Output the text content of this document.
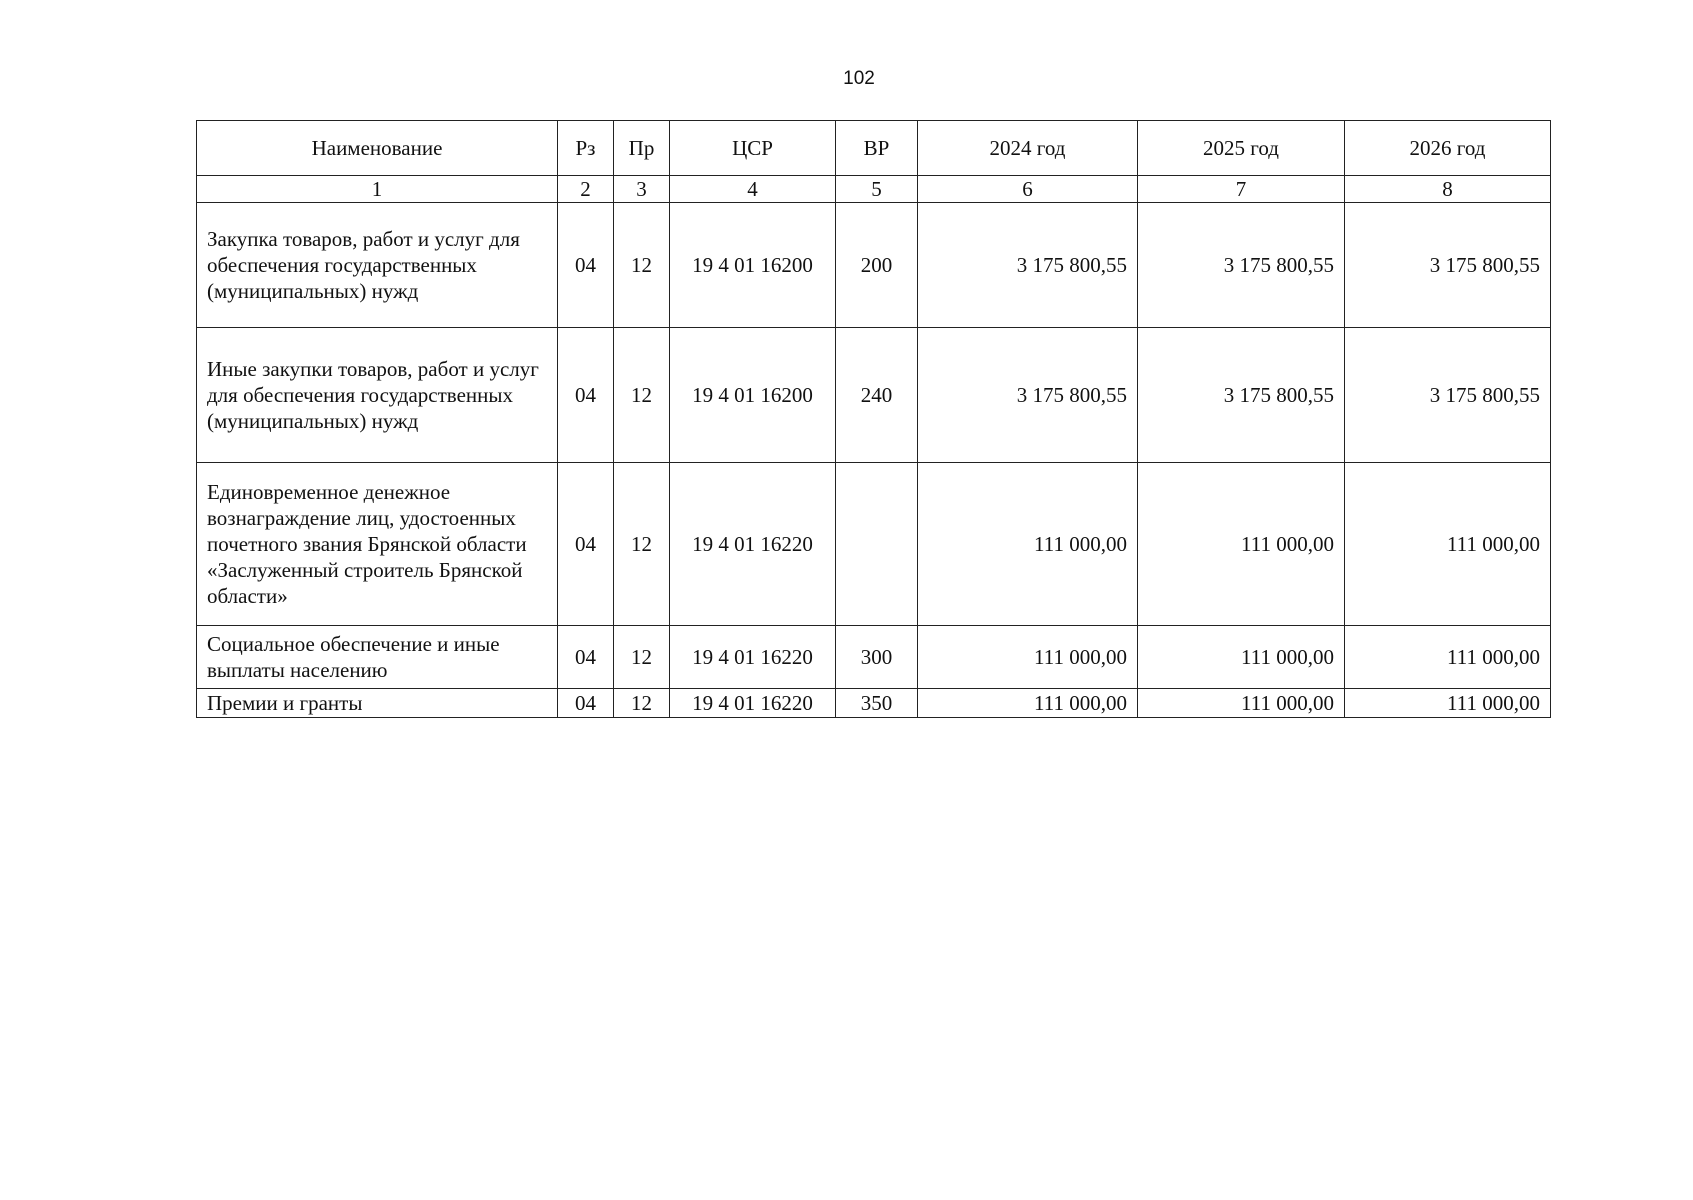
102
Наименование	Рз	Пр	ЦСР	ВР	2024 год	2025 год	2026 год
1	2	3	4	5	6	7	8
Закупка товаров, работ и услуг для обеспечения государственных (муниципальных) нужд	04	12	19 4 01 16200	200	3 175 800,55	3 175 800,55	3 175 800,55
Иные закупки товаров, работ и услуг для обеспечения государственных (муниципальных) нужд	04	12	19 4 01 16200	240	3 175 800,55	3 175 800,55	3 175 800,55
Единовременное денежное вознаграждение лиц, удостоенных почетного звания Брянской области «Заслуженный строитель Брянской области»	04	12	19 4 01 16220		111 000,00	111 000,00	111 000,00
Социальное обеспечение и иные выплаты населению	04	12	19 4 01 16220	300	111 000,00	111 000,00	111 000,00
Премии и гранты	04	12	19 4 01 16220	350	111 000,00	111 000,00	111 000,00
